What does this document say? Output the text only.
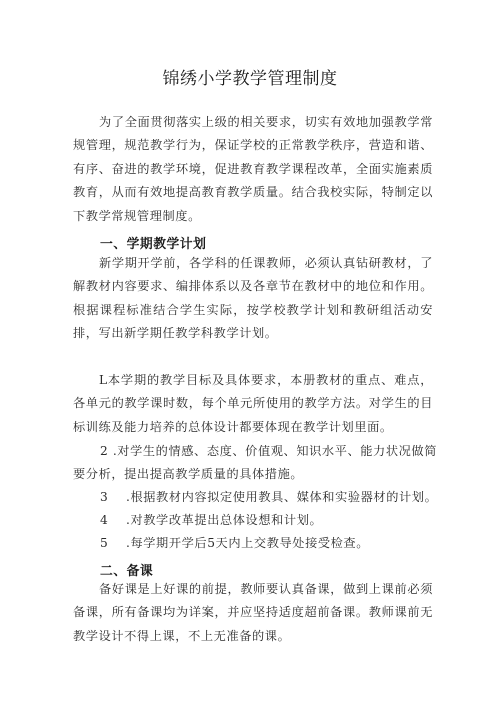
锦绣小学教学管理制度

为了全面贯彻落实上级的相关要求，切实有效地加强教学常规管理，规范教学行为，保证学校的正常教学秩序，营造和谐、有序、奋进的教学环境，促进教育教学课程改革，全面实施素质教育，从而有效地提高教育教学质量。结合我校实际，特制定以下教学常规管理制度。

一、学期教学计划

新学期开学前，各学科的任课教师，必须认真钻研教材，了解教材内容要求、编排体系以及各章节在教材中的地位和作用。根据课程标准结合学生实际，按学校教学计划和教研组活动安排，写出新学期任教学科教学计划。

L本学期的教学目标及具体要求，本册教材的重点、难点，各单元的教学课时数，每个单元所使用的教学方法。对学生的目标训练及能力培养的总体设计都要体现在教学计划里面。

2 .对学生的情感、态度、价值观、知识水平、能力状况做简要分析，提出提高教学质量的具体措施。

3 .根据教材内容拟定使用教具、媒体和实验器材的计划。
4 .对教学改革提出总体设想和计划。
5 .每学期开学后5天内上交教导处接受检查。
二、备课

备好课是上好课的前提，教师要认真备课，做到上课前必须备课，所有备课均为详案，并应坚持适度超前备课。教师课前无教学设计不得上课，不上无准备的课。
